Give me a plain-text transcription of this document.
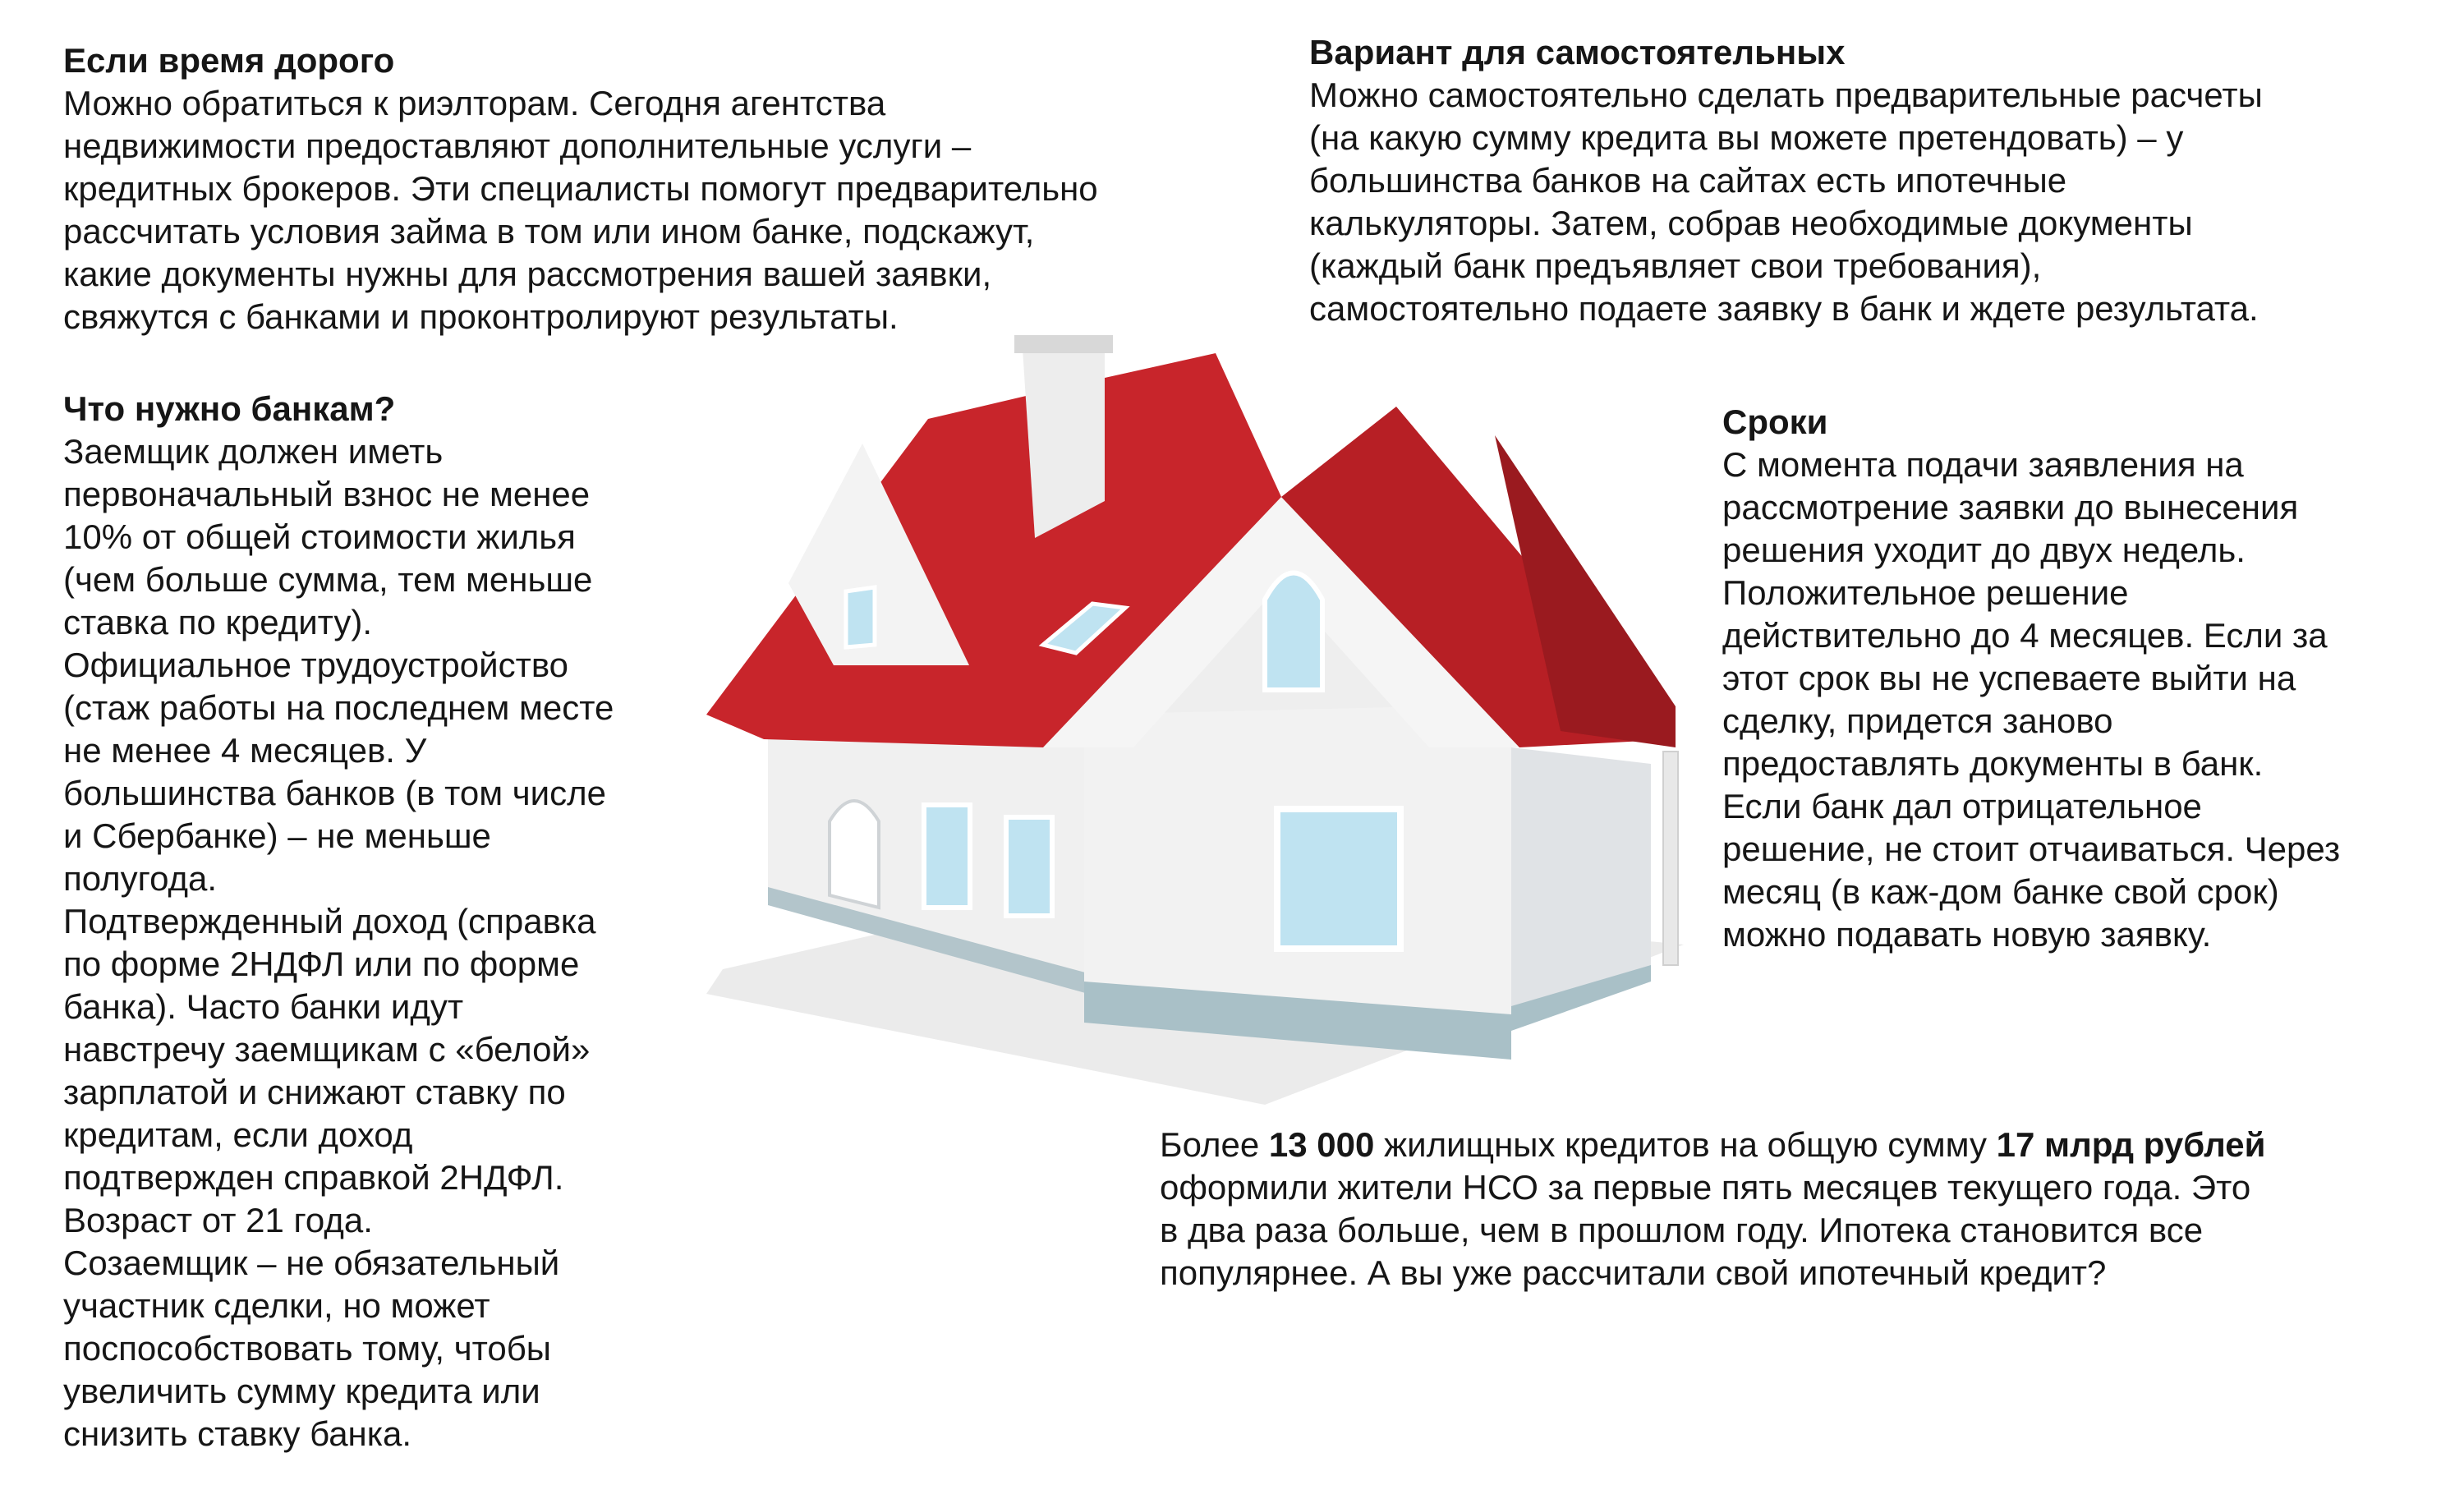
Если время дорого
Можно обратиться к риэлторам. Сегодня агентства
недвижимости предоставляют дополнительные услуги –
кредитных брокеров. Эти специалисты помогут предварительно
рассчитать условия займа в том или ином банке, подскажут,
какие документы нужны для рассмотрения вашей заявки,
свяжутся с банками и проконтролируют результаты.
Вариант для самостоятельных
Можно самостоятельно сделать предварительные расчеты
(на какую сумму кредита вы можете претендовать) – у
большинства банков на сайтах есть ипотечные
калькуляторы. Затем, собрав необходимые документы
(каждый банк предъявляет свои требования),
самостоятельно подаете заявку в банк и ждете результата.
Что нужно банкам?
Заемщик должен иметь
первоначальный взнос не менее
10% от общей стоимости жилья
(чем больше сумма, тем меньше
ставка по кредиту).
Официальное трудоустройство
(стаж работы на последнем месте
не менее 4 месяцев. У
большинства банков (в том числе
и Сбербанке) – не меньше
полугода.
Подтвержденный доход (справка
по форме 2НДФЛ или по форме
банка). Часто банки идут
навстречу заемщикам с «белой»
зарплатой и снижают ставку по
кредитам, если доход
подтвержден справкой 2НДФЛ.
Возраст от 21 года.
Созаемщик – не обязательный
участник сделки, но может
поспособствовать тому, чтобы
увеличить сумму кредита или
снизить ставку банка.
Сроки
С момента подачи заявления на
рассмотрение заявки до вынесения
решения уходит до двух недель.
Положительное решение
действительно до 4 месяцев. Если за
этот срок вы не успеваете выйти на
сделку, придется заново
предоставлять документы в банк.
Если банк дал отрицательное
решение, не стоит отчаиваться. Через
месяц (в каж-дом банке свой срок)
можно подавать новую заявку.
Более 13 000 жилищных кредитов на общую сумму 17 млрд рублей
оформили жители НСО за первые пять месяцев текущего года. Это
в два раза больше, чем в прошлом году. Ипотека становится все
популярнее. А вы уже рассчитали свой ипотечный кредит?
